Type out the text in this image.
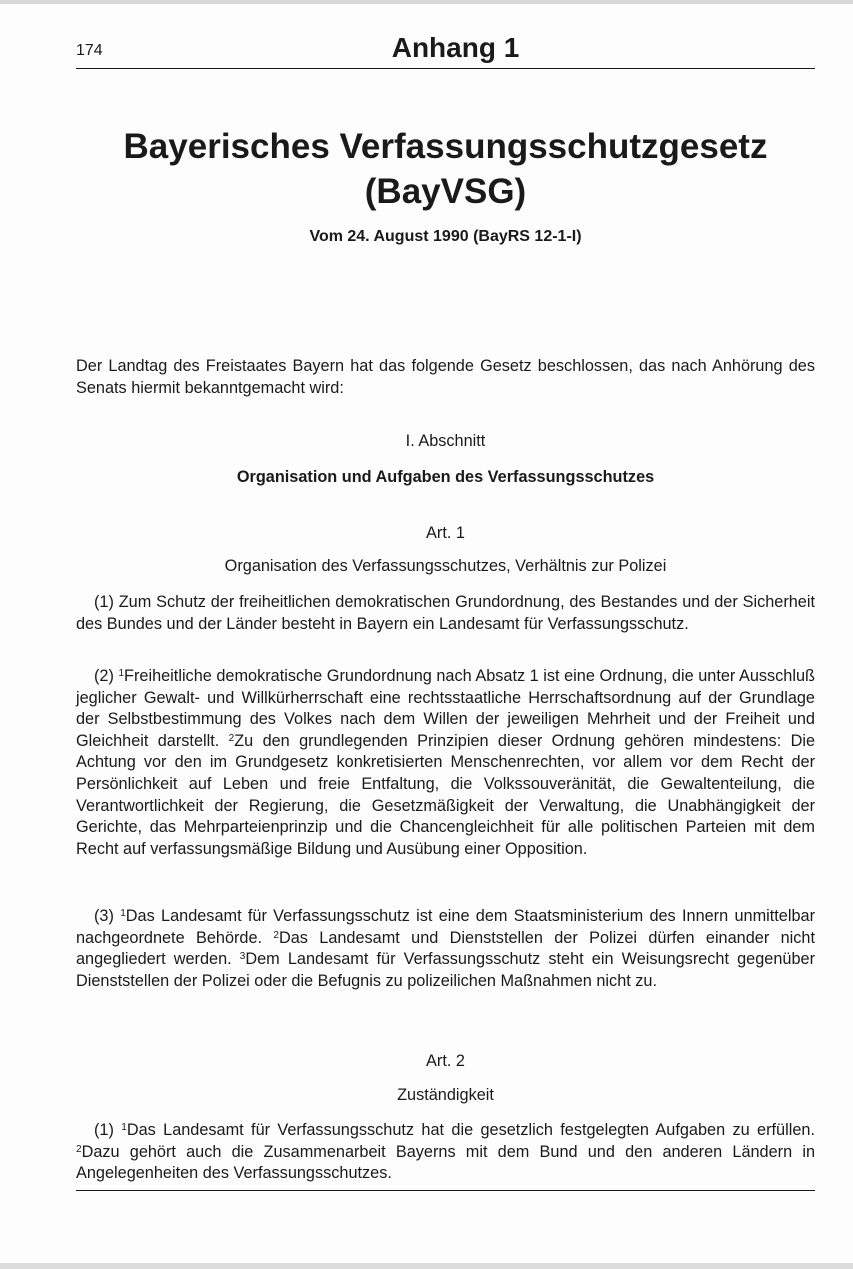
174	Anhang 1
Bayerisches Verfassungsschutzgesetz
(BayVSG)
Vom 24. August 1990 (BayRS 12-1-I)

Der Landtag des Freistaates Bayern hat das folgende Gesetz beschlossen, das nach Anhörung des Senats hiermit bekanntgemacht wird:

I. Abschnitt

Organisation und Aufgaben des Verfassungsschutzes

Art. 1

Organisation des Verfassungsschutzes, Verhältnis zur Polizei

(1) Zum Schutz der freiheitlichen demokratischen Grundordnung, des Bestandes und der Sicherheit des Bundes und der Länder besteht in Bayern ein Landesamt für Verfassungsschutz.

(2) $^1$Freiheitliche demokratische Grundordnung nach Absatz 1 ist eine Ordnung, die unter Ausschluß jeglicher Gewalt- und Willkürherrschaft eine rechtsstaatliche Herrschaftsordnung auf der Grundlage der Selbstbestimmung des Volkes nach dem Willen der jeweiligen Mehrheit und der Freiheit und Gleichheit darstellt. $^2$Zu den grundlegenden Prinzipien dieser Ordnung gehören mindestens: Die Achtung vor den im Grundgesetz konkretisierten Menschenrechten, vor allem vor dem Recht der Persönlichkeit auf Leben und freie Entfaltung, die Volkssouveränität, die Gewaltenteilung, die Verantwortlichkeit der Regierung, die Gesetzmäßigkeit der Verwaltung, die Unabhängigkeit der Gerichte, das Mehrparteienprinzip und die Chancengleichheit für alle politischen Parteien mit dem Recht auf verfassungsmäßige Bildung und Ausübung einer Opposition.

(3) $^1$Das Landesamt für Verfassungsschutz ist eine dem Staatsministerium des Innern unmittelbar nachgeordnete Behörde. $^2$Das Landesamt und Dienststellen der Polizei dürfen einander nicht angegliedert werden. $^3$Dem Landesamt für Verfassungsschutz steht ein Weisungsrecht gegenüber Dienststellen der Polizei oder die Befugnis zu polizeilichen Maßnahmen nicht zu.

Art. 2

Zuständigkeit

(1) $^1$Das Landesamt für Verfassungsschutz hat die gesetzlich festgelegten Aufgaben zu erfüllen. $^2$Dazu gehört auch die Zusammenarbeit Bayerns mit dem Bund und den anderen Ländern in Angelegenheiten des Verfassungsschutzes.
